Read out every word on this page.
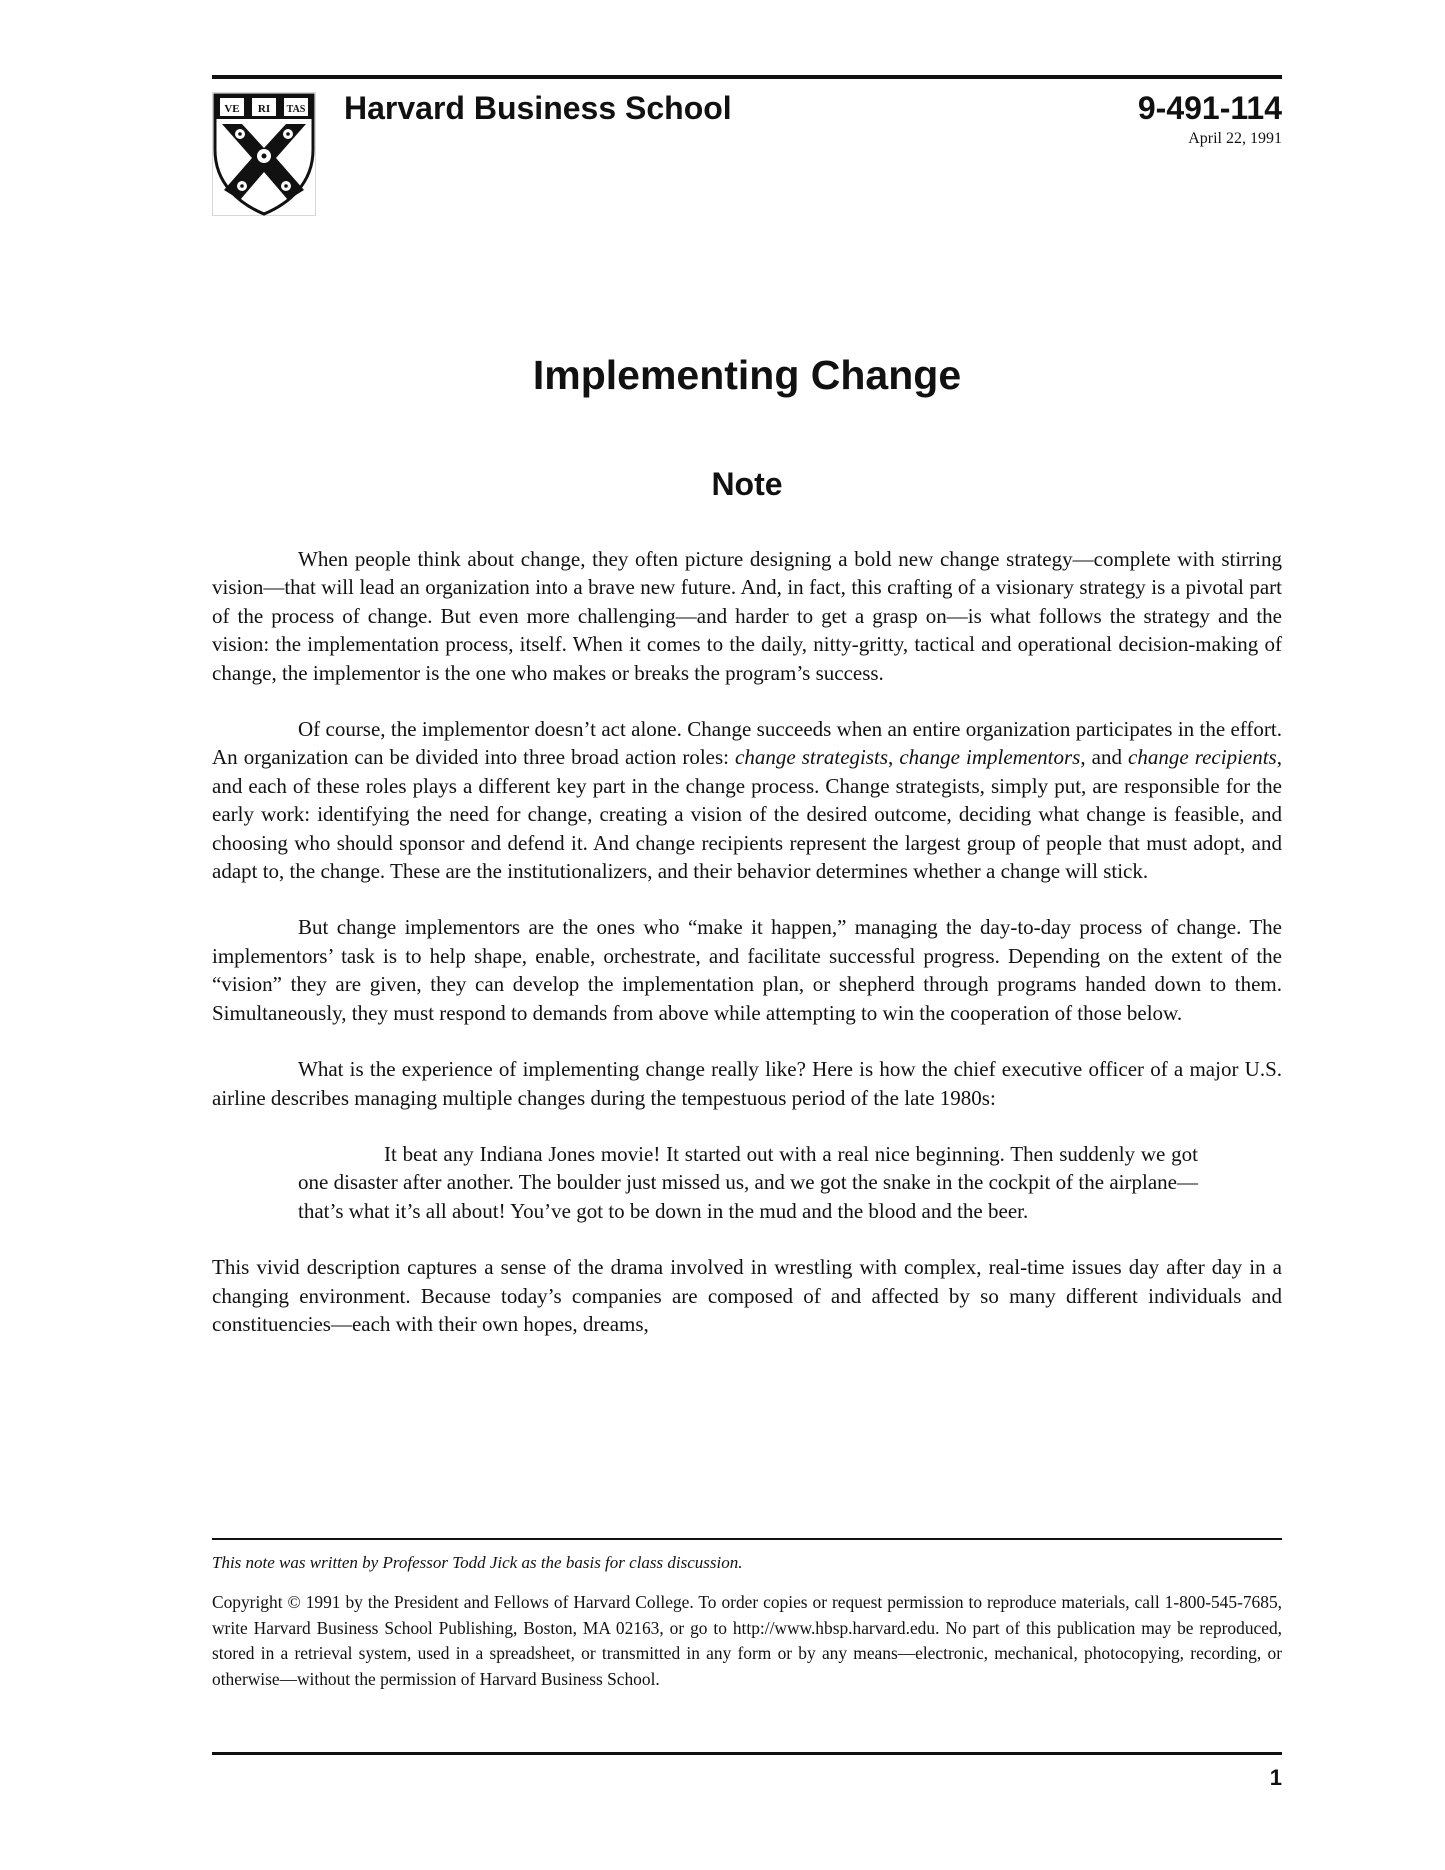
VE RI TAS Harvard Business School	9-491-114
April 22, 1991
Implementing Change
Note

When people think about change, they often picture designing a bold new change strategy—complete with stirring vision—that will lead an organization into a brave new future. And, in fact, this crafting of a visionary strategy is a pivotal part of the process of change. But even more challenging—and harder to get a grasp on—is what follows the strategy and the vision: the implementation process, itself. When it comes to the daily, nitty-gritty, tactical and operational decision-making of change, the implementor is the one who makes or breaks the program’s success.

Of course, the implementor doesn’t act alone. Change succeeds when an entire organization participates in the effort. An organization can be divided into three broad action roles: change strategists, change implementors, and change recipients, and each of these roles plays a different key part in the change process. Change strategists, simply put, are responsible for the early work: identifying the need for change, creating a vision of the desired outcome, deciding what change is feasible, and choosing who should sponsor and defend it. And change recipients represent the largest group of people that must adopt, and adapt to, the change. These are the institutionalizers, and their behavior determines whether a change will stick.

But change implementors are the ones who “make it happen,” managing the day-to-day process of change. The implementors’ task is to help shape, enable, orchestrate, and facilitate successful progress. Depending on the extent of the “vision” they are given, they can develop the implementation plan, or shepherd through programs handed down to them. Simultaneously, they must respond to demands from above while attempting to win the cooperation of those below.

What is the experience of implementing change really like? Here is how the chief executive officer of a major U.S. airline describes managing multiple changes during the tempestuous period of the late 1980s:

It beat any Indiana Jones movie! It started out with a real nice beginning. Then suddenly we got one disaster after another. The boulder just missed us, and we got the snake in the cockpit of the airplane—that’s what it’s all about! You’ve got to be down in the mud and the blood and the beer.

This vivid description captures a sense of the drama involved in wrestling with complex, real-time issues day after day in a changing environment. Because today’s companies are composed of and affected by so many different individuals and constituencies—each with their own hopes, dreams,

This note was written by Professor Todd Jick as the basis for class discussion.
Copyright © 1991 by the President and Fellows of Harvard College. To order copies or request permission to reproduce materials, call 1-800-545-7685, write Harvard Business School Publishing, Boston, MA 02163, or go to http://www.hbsp.harvard.edu. No part of this publication may be reproduced, stored in a retrieval system, used in a spreadsheet, or transmitted in any form or by any means—electronic, mechanical, photocopying, recording, or otherwise—without the permission of Harvard Business School.
1
